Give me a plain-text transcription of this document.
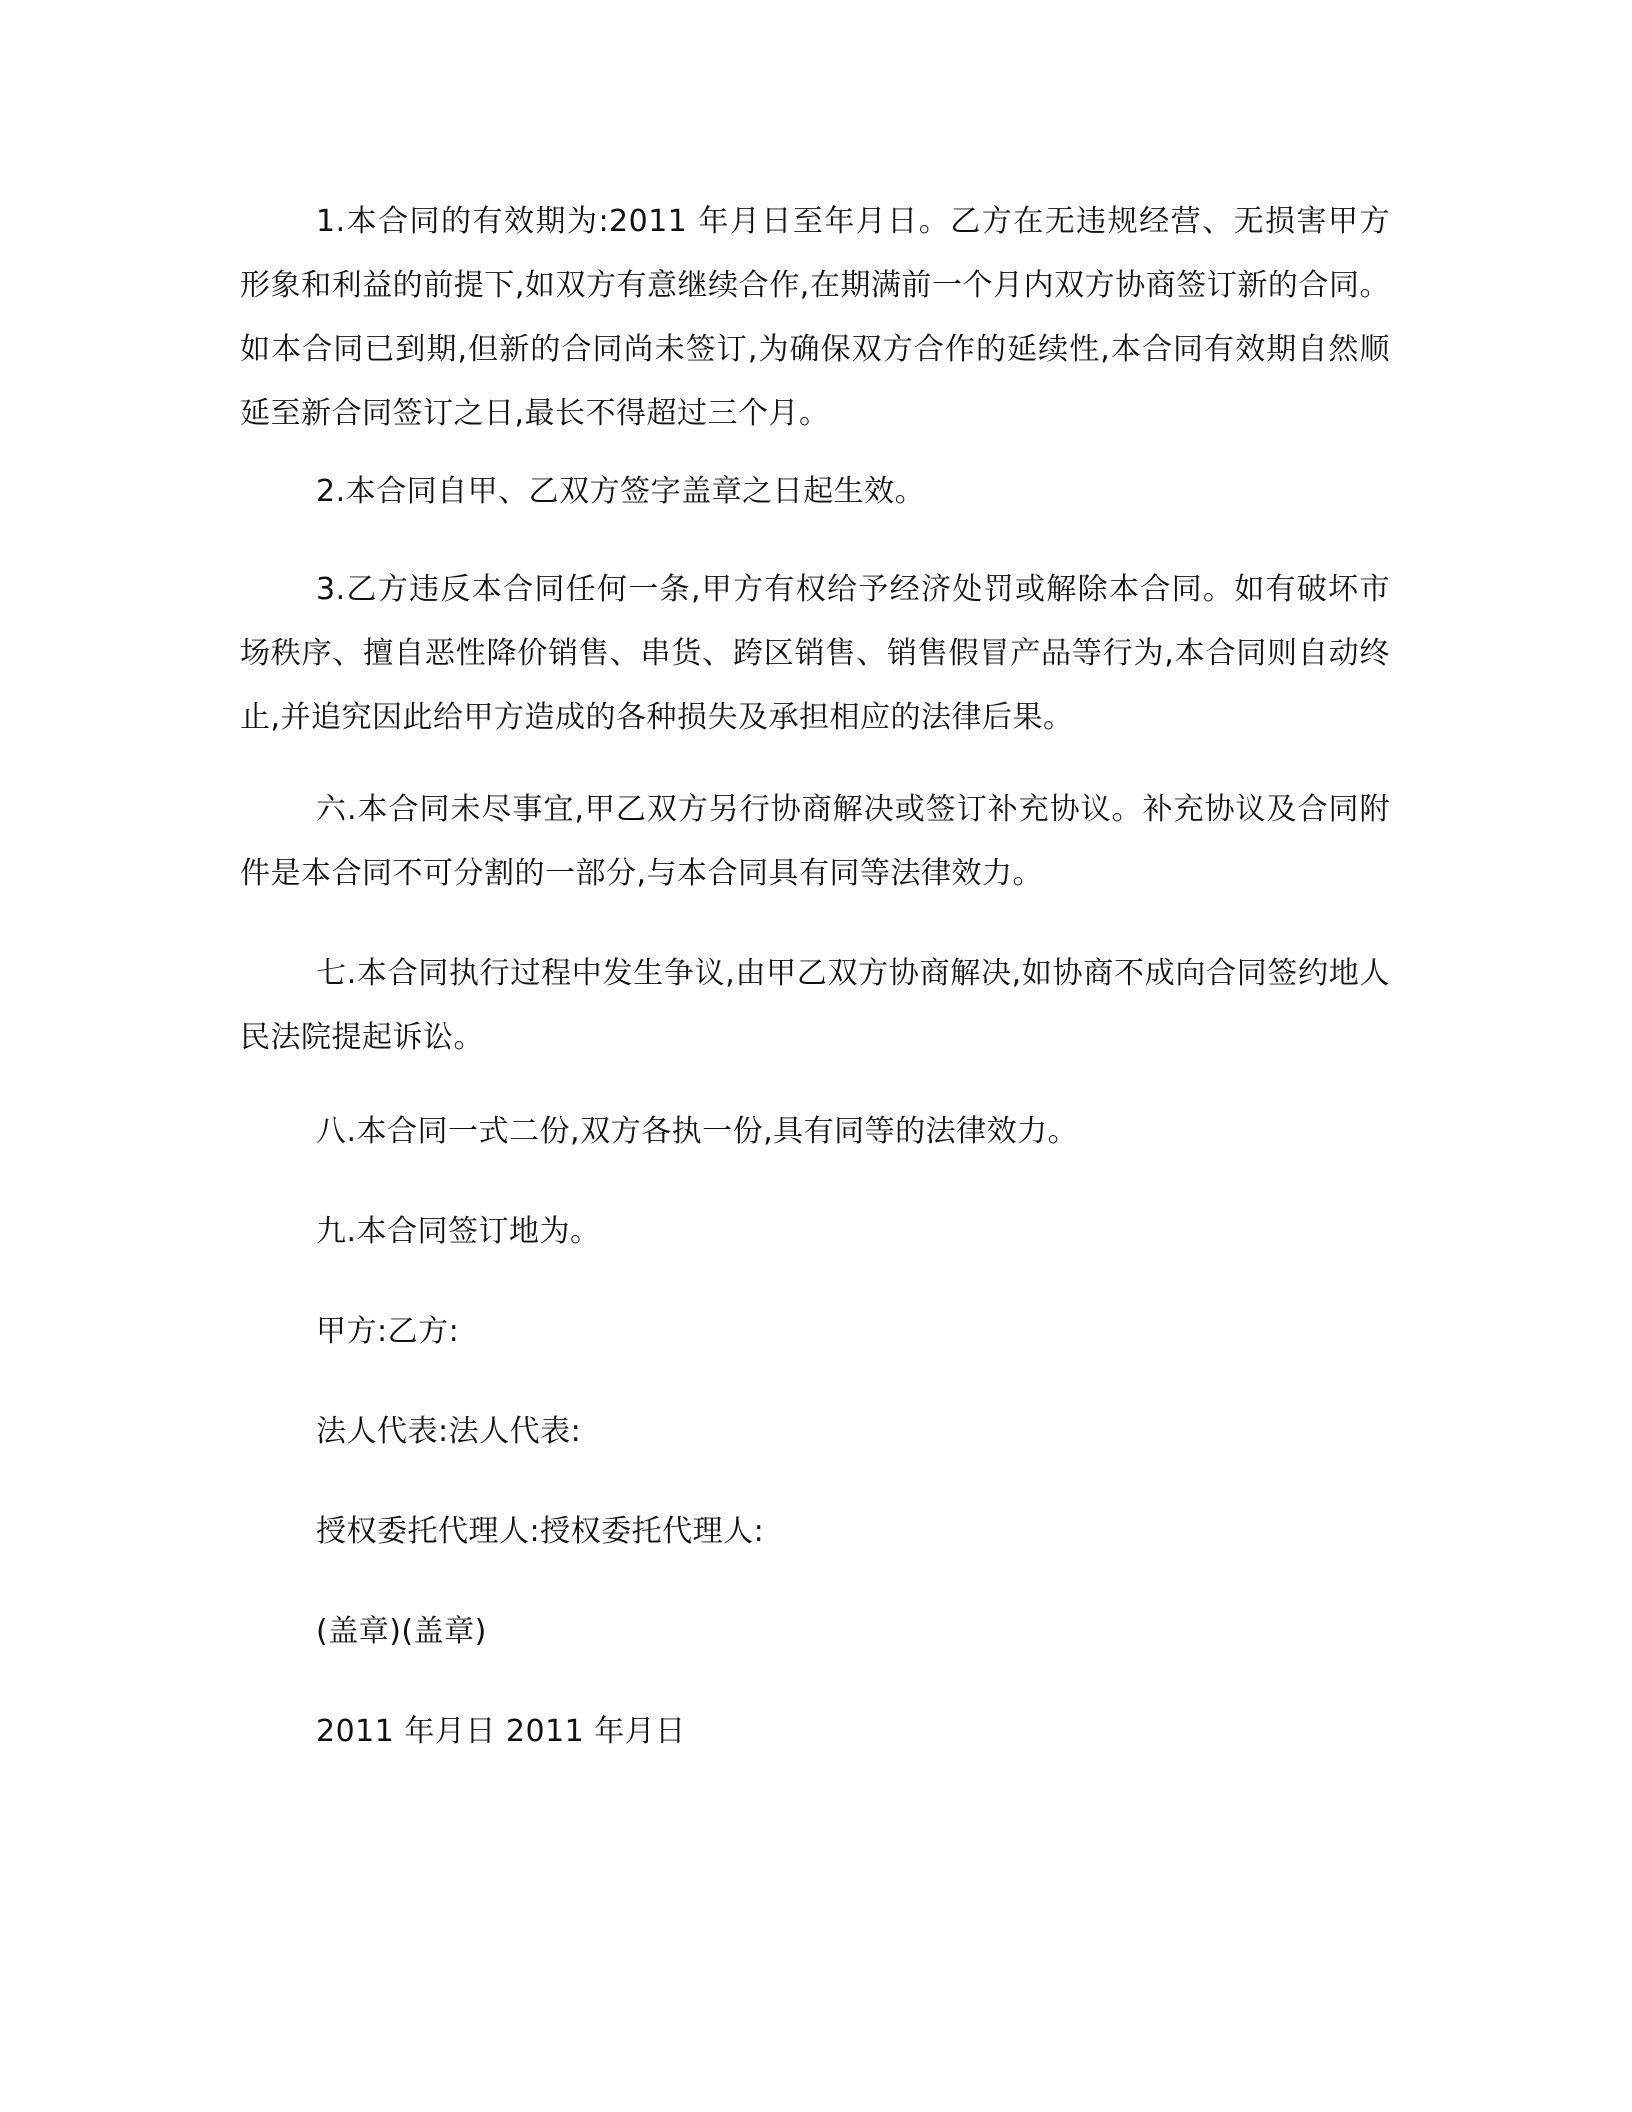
1.本合同的有效期为:2011 年月日至年月日。乙方在无违规经营、无损害甲方形象和利益的前提下,如双方有意继续合作,在期满前一个月内双方协商签订新的合同。如本合同已到期,但新的合同尚未签订,为确保双方合作的延续性,本合同有效期自然顺延至新合同签订之日,最长不得超过三个月。

2.本合同自甲、乙双方签字盖章之日起生效。

3.乙方违反本合同任何一条,甲方有权给予经济处罚或解除本合同。如有破坏市场秩序、擅自恶性降价销售、串货、跨区销售、销售假冒产品等行为,本合同则自动终止,并追究因此给甲方造成的各种损失及承担相应的法律后果。

六.本合同未尽事宜,甲乙双方另行协商解决或签订补充协议。补充协议及合同附件是本合同不可分割的一部分,与本合同具有同等法律效力。

七.本合同执行过程中发生争议,由甲乙双方协商解决,如协商不成向合同签约地人民法院提起诉讼。

八.本合同一式二份,双方各执一份,具有同等的法律效力。

九.本合同签订地为。

甲方:乙方:

法人代表:法人代表:

授权委托代理人:授权委托代理人:

(盖章)(盖章)

2011 年月日 2011 年月日
